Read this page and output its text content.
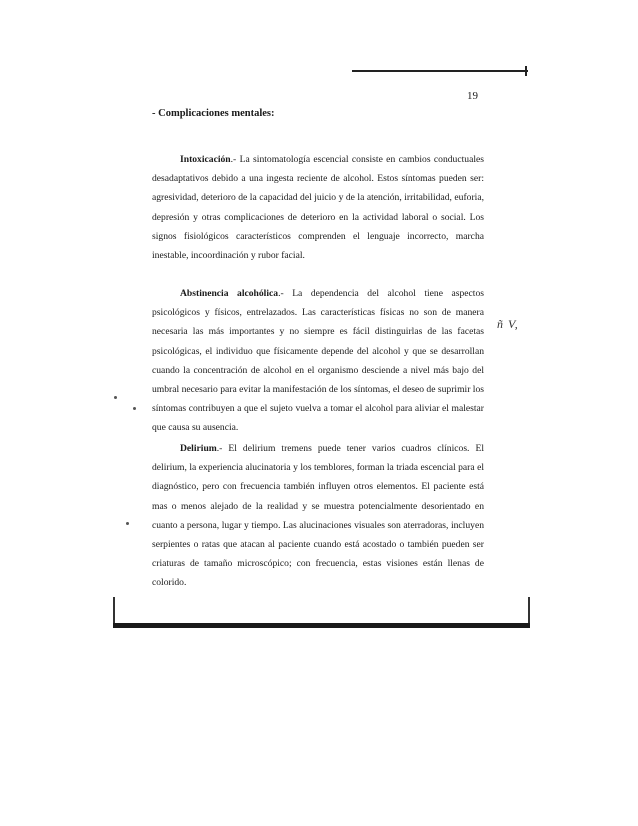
19
- Complicaciones mentales:
Intoxicación.- La sintomatología escencial consiste en cambios conductuales desadaptativos debido a una ingesta reciente de alcohol. Estos síntomas pueden ser: agresividad, deterioro de la capacidad del juicio y de la atención, irritabilidad, euforia, depresión y otras complicaciones de deterioro en la actividad laboral o social. Los signos fisiológicos característicos comprenden el lenguaje incorrecto, marcha inestable, incoordinación y rubor facial.
Abstinencia alcohólica.- La dependencia del alcohol tiene aspectos psicológicos y físicos, entrelazados. Las características físicas no son de manera necesaria las más importantes y no siempre es fácil distinguirlas de las facetas psicológicas, el individuo que físicamente depende del alcohol y que se desarrollan cuando la concentración de alcohol en el organismo desciende a nivel más bajo del umbral necesario para evitar la manifestación de los síntomas, el deseo de suprimir los síntomas contribuyen a que el sujeto vuelva a tomar el alcohol para aliviar el malestar que causa su ausencia.
Delirium.- El delirium tremens puede tener varios cuadros clínicos. El delirium, la experiencia alucinatoria y los temblores, forman la triada escencial para el diagnóstico, pero con frecuencia también influyen otros elementos. El paciente está mas o menos alejado de la realidad y se muestra potencialmente desorientado en cuanto a persona, lugar y tiempo. Las alucinaciones visuales son aterradoras, incluyen serpientes o ratas que atacan al paciente cuando está acostado o también pueden ser criaturas de tamaño microscópico; con frecuencia, estas visiones están llenas de colorido.
ñ V,
